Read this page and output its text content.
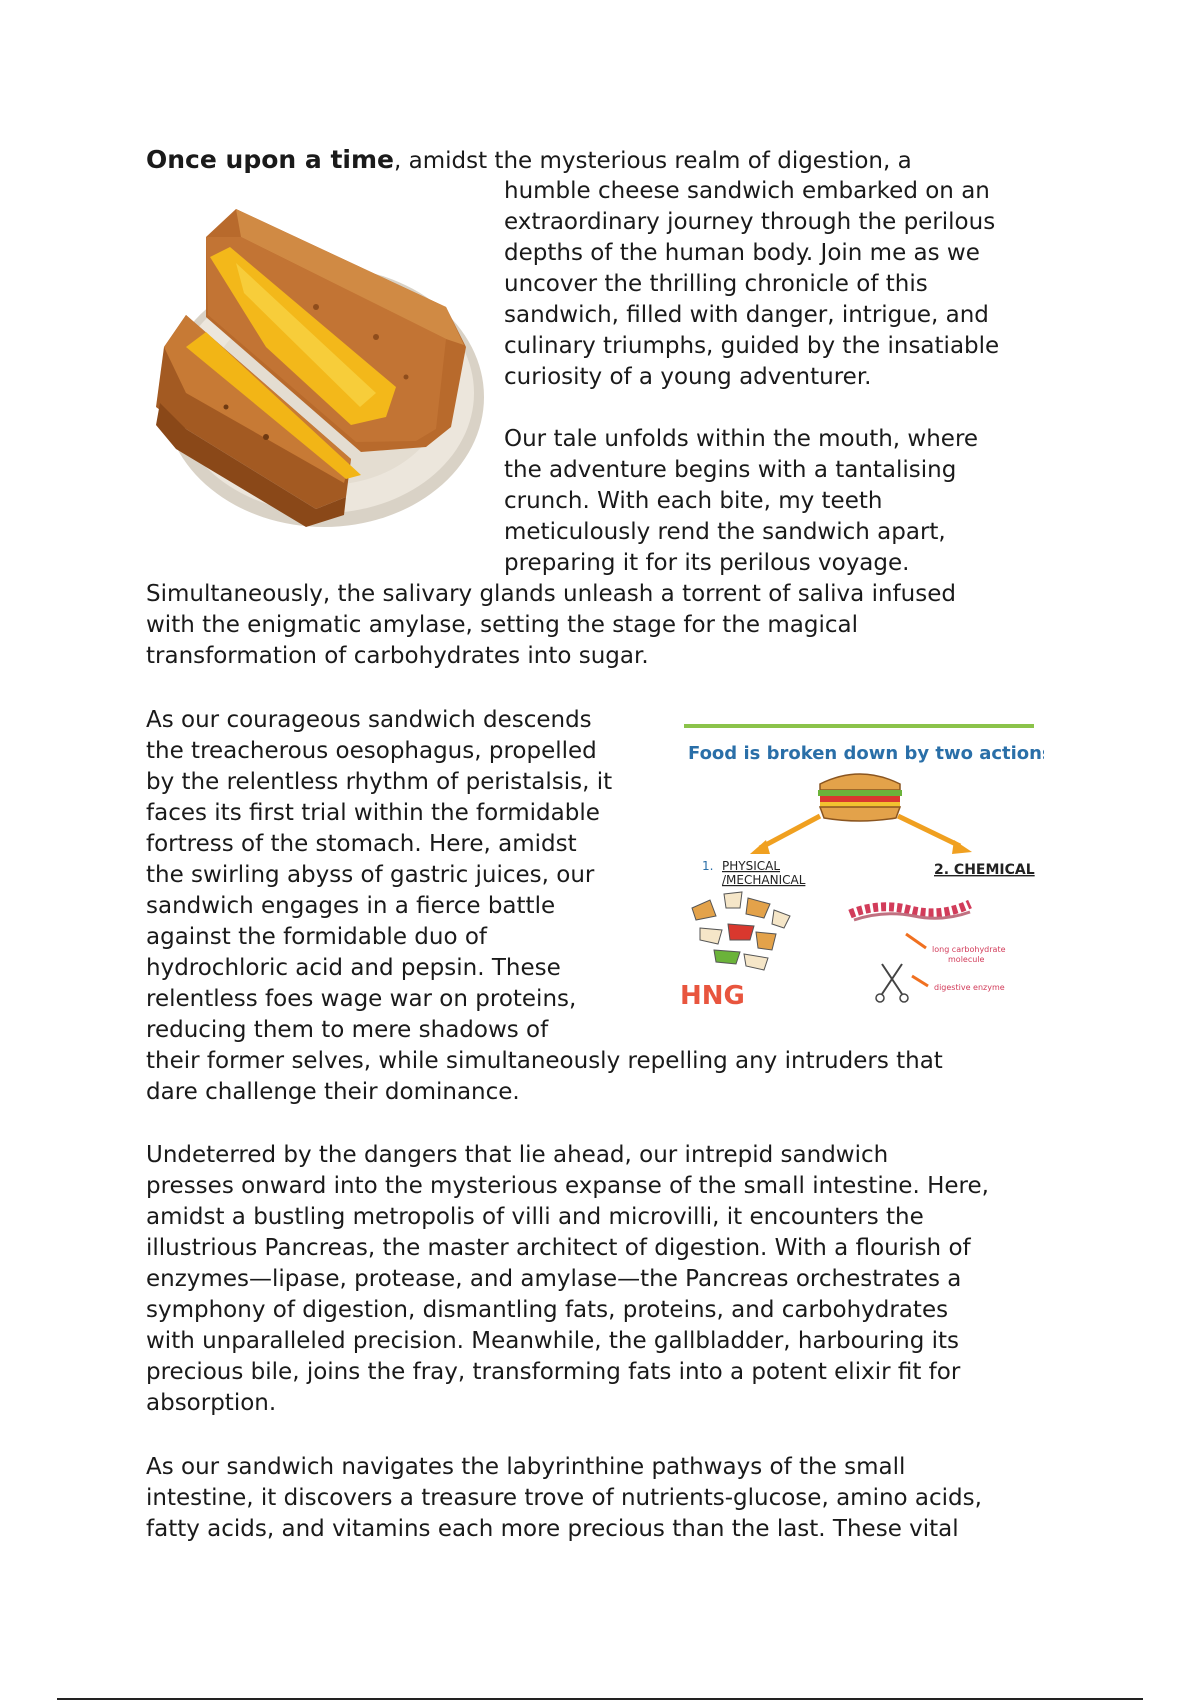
Once upon a time, amidst the mysterious realm of digestion, a
humble cheese sandwich embarked on an
extraordinary journey through the perilous
depths of the human body. Join me as we
uncover the thrilling chronicle of this
sandwich, filled with danger, intrigue, and
culinary triumphs, guided by the insatiable
curiosity of a young adventurer.
Our tale unfolds within the mouth, where
the adventure begins with a tantalising
crunch. With each bite, my teeth
meticulously rend the sandwich apart,
preparing it for its perilous voyage.
Simultaneously, the salivary glands unleash a torrent of saliva infused
with the enigmatic amylase, setting the stage for the magical
transformation of carbohydrates into sugar.
As our courageous sandwich descends
the treacherous oesophagus, propelled
by the relentless rhythm of peristalsis, it
faces its first trial within the formidable
fortress of the stomach. Here, amidst
the swirling abyss of gastric juices, our
sandwich engages in a fierce battle
against the formidable duo of
hydrochloric acid and pepsin. These
relentless foes wage war on proteins,
reducing them to mere shadows of
their former selves, while simultaneously repelling any intruders that
dare challenge their dominance.
Food is broken down by two actions:
1. PHYSICAL
/MECHANICAL
2. CHEMICAL
long carbohydrate
molecule
digestive enzyme
HNG
Undeterred by the dangers that lie ahead, our intrepid sandwich
presses onward into the mysterious expanse of the small intestine. Here,
amidst a bustling metropolis of villi and microvilli, it encounters the
illustrious Pancreas, the master architect of digestion. With a flourish of
enzymes—lipase, protease, and amylase—the Pancreas orchestrates a
symphony of digestion, dismantling fats, proteins, and carbohydrates
with unparalleled precision. Meanwhile, the gallbladder, harbouring its
precious bile, joins the fray, transforming fats into a potent elixir fit for
absorption.
As our sandwich navigates the labyrinthine pathways of the small
intestine, it discovers a treasure trove of nutrients-glucose, amino acids,
fatty acids, and vitamins each more precious than the last. These vital
